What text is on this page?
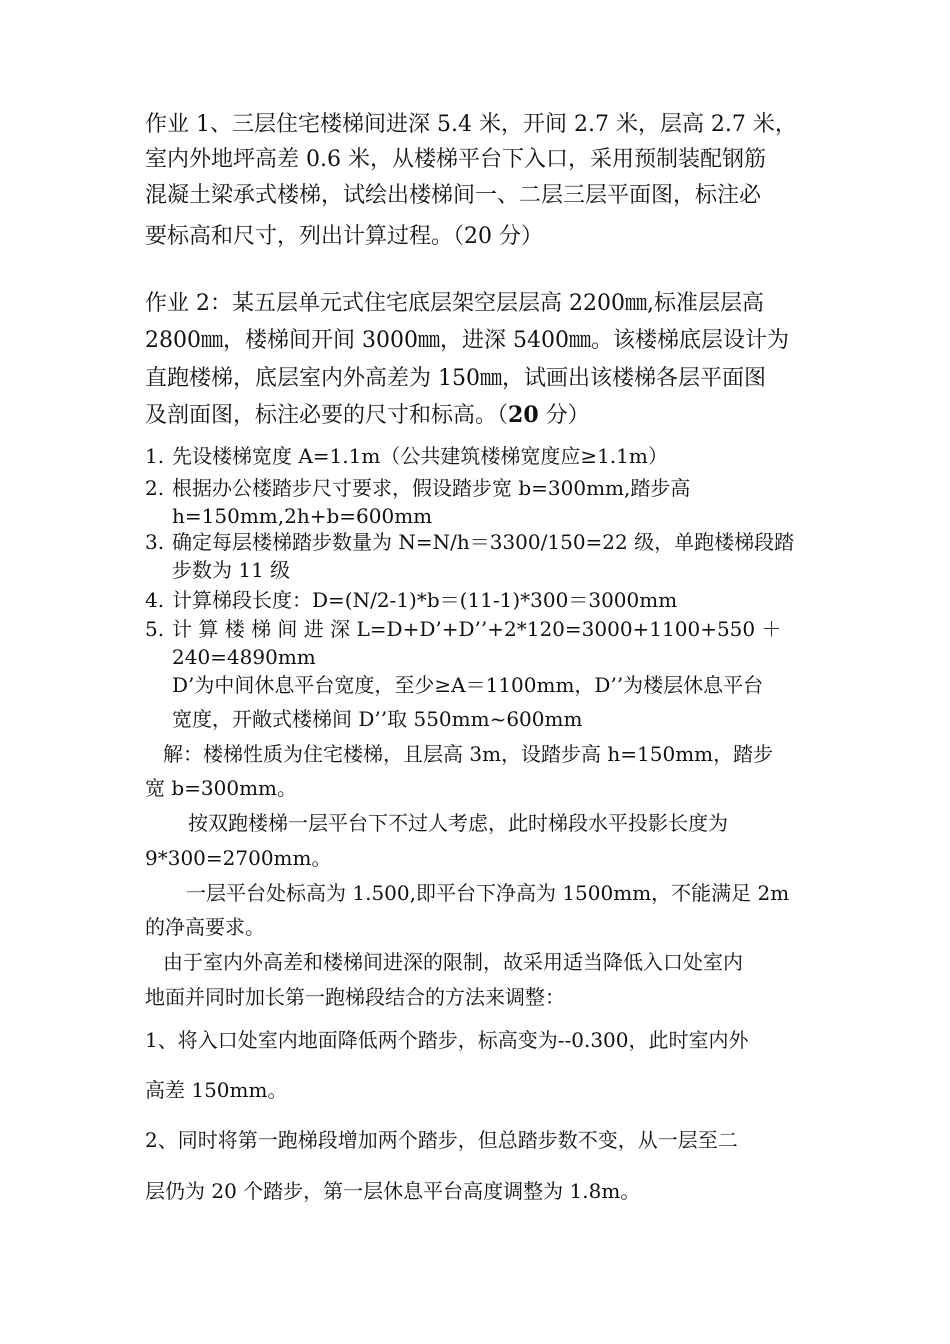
作业 1、三层住宅楼梯间进深 5.4 米，开间 2.7 米，层高 2.7 米，
室内外地坪高差 0.6 米，从楼梯平台下入口，采用预制装配钢筋
混凝土梁承式楼梯，试绘出楼梯间一、二层三层平面图，标注必
要标高和尺寸，列出计算过程。（20 分）
作业 2：某五层单元式住宅底层架空层层高 2200㎜,标准层层高
2800㎜，楼梯间开间 3000㎜，进深 5400㎜。该楼梯底层设计为
直跑楼梯，底层室内外高差为 150㎜，试画出该楼梯各层平面图
及剖面图，标注必要的尺寸和标高。（20 分）
1. 先设楼梯宽度 A=1.1m（公共建筑楼梯宽度应≥1.1m）
2. 根据办公楼踏步尺寸要求，假设踏步宽 b=300mm,踏步高
h=150mm,2h+b=600mm
3. 确定每层楼梯踏步数量为 N=N/h＝3300/150=22 级，单跑楼梯段踏
步数为 11 级
4. 计算梯段长度：D=(N/2-1)*b＝(11-1)*300＝3000mm
5. 计 算 楼 梯 间 进 深 L=D+D’+D’’+2*120=3000+1100+550 ＋
240=4890mm
D’为中间休息平台宽度，至少≥A＝1100mm，D’’为楼层休息平台
宽度，开敞式楼梯间 D’’取 550mm~600mm
解：楼梯性质为住宅楼梯，且层高 3m，设踏步高 h=150mm，踏步
宽 b=300mm。
按双跑楼梯一层平台下不过人考虑，此时梯段水平投影长度为
9*300=2700mm。
一层平台处标高为 1.500,即平台下净高为 1500mm，不能满足 2m
的净高要求。
由于室内外高差和楼梯间进深的限制，故采用适当降低入口处室内
地面并同时加长第一跑梯段结合的方法来调整：
1、将入口处室内地面降低两个踏步，标高变为--0.300，此时室内外
高差 150mm。
2、同时将第一跑梯段增加两个踏步，但总踏步数不变，从一层至二
层仍为 20 个踏步，第一层休息平台高度调整为 1.8m。
